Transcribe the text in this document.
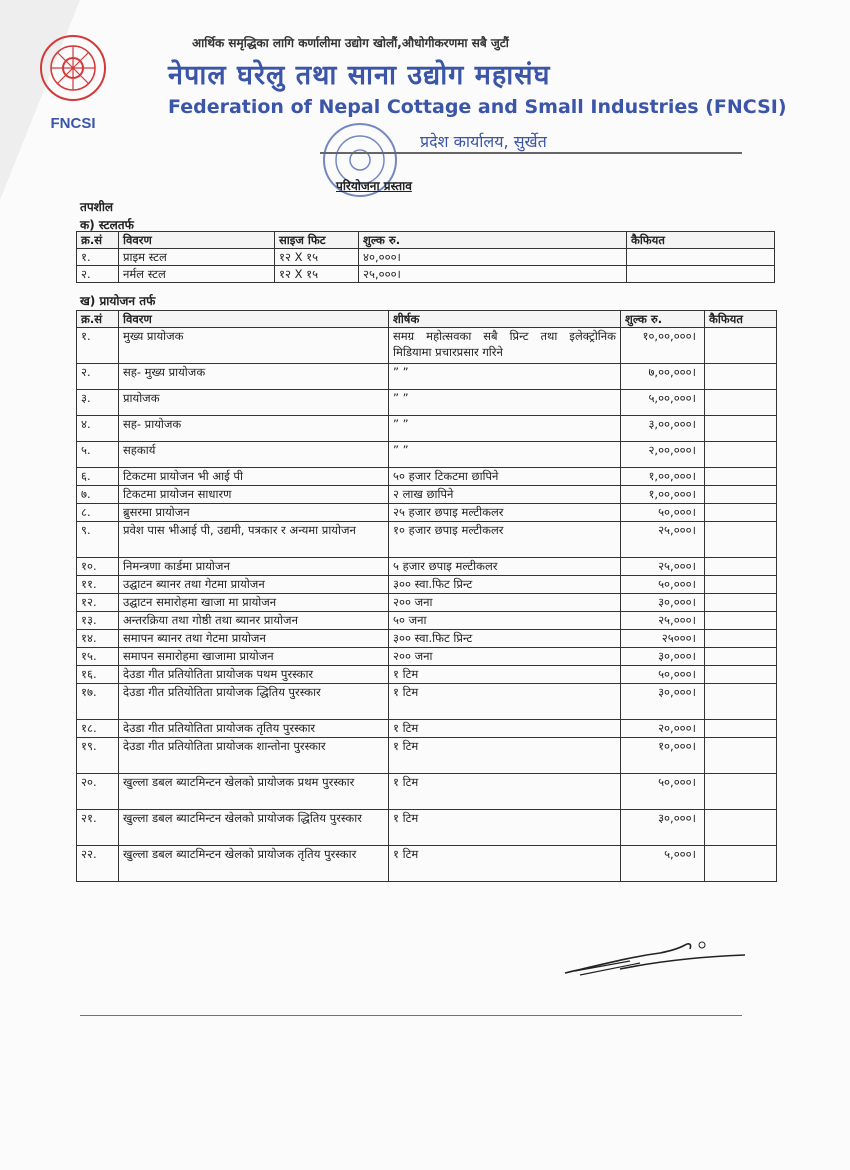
FNCSI
आर्थिक समृद्धिका लागि कर्णालीमा उद्योग खोलौं,औधोगीकरणमा सबै जुटौं
नेपाल घरेलु तथा साना उद्योग महासंघ
Federation of Nepal Cottage and Small Industries (FNCSI)
प्रदेश कार्यालय, सुर्खेत
परियोजना प्रस्ताव
तपशील
क) स्टलतर्फ
क्र.सं	विवरण	साइज फिट	शुल्क रु.	कैफियत
१.	प्राइम स्टल	१२ X १५	४०,०००।	
२.	नर्मल स्टल	१२ X १५	२५,०००।	
ख) प्रायोजन तर्फ
क्र.सं	विवरण	शीर्षक	शुल्क रु.	कैफियत
१.	मुख्य प्रायोजक	समग्र महोत्सवका सबै प्रिन्ट तथा इलेक्ट्रोनिक मिडियामा प्रचारप्रसार गरिने	१०,००,०००।	
२.	सह- मुख्य प्रायोजक	” ”	७,००,०००।	
३.	प्रायोजक	” ”	५,००,०००।	
४.	सह- प्रायोजक	” ”	३,००,०००।	
५.	सहकार्य	” ”	२,००,०००।	
६.	टिकटमा प्रायोजन भी आई पी	५० हजार टिकटमा छापिने	१,००,०००।	
७.	टिकटमा प्रायोजन साधारण	२ लाख छापिने	१,००,०००।	
८.	ब्रुसरमा प्रायोजन	२५ हजार छपाइ मल्टीकलर	५०,०००।	
९.	प्रवेश पास भीआई पी, उद्यमी, पत्रकार र अन्यमा प्रायोजन	१० हजार छपाइ मल्टीकलर	२५,०००।	
१०.	निमन्त्रणा कार्डमा प्रायोजन	५ हजार छपाइ मल्टीकलर	२५,०००।	
११.	उद्घाटन ब्यानर तथा गेटमा प्रायोजन	३०० स्वा.फिट प्रिन्ट	५०,०००।	
१२.	उद्घाटन समारोहमा खाजा मा प्रायोजन	२०० जना	३०,०००।	
१३.	अन्तरक्रिया तथा गोष्ठी तथा ब्यानर प्रायोजन	५० जना	२५,०००।	
१४.	समापन ब्यानर तथा गेटमा प्रायोजन	३०० स्वा.फिट प्रिन्ट	२५०००।	
१५.	समापन समारोहमा खाजामा प्रायोजन	२०० जना	३०,०००।	
१६.	देउडा गीत प्रतियोतिता प्रायोजक पथम पुरस्कार	१ टिम	५०,०००।	
१७.	देउडा गीत प्रतियोतिता प्रायोजक द्धितिय पुरस्कार	१ टिम	३०,०००।	
१८.	देउडा गीत प्रतियोतिता प्रायोजक तृतिय पुरस्कार	१ टिम	२०,०००।	
१९.	देउडा गीत प्रतियोतिता प्रायोजक शान्तोना पुरस्कार	१ टिम	१०,०००।	
२०.	खुल्ला डबल ब्याटमिन्टन खेलको प्रायोजक प्रथम पुरस्कार	१ टिम	५०,०००।	
२१.	खुल्ला डबल ब्याटमिन्टन खेलको प्रायोजक द्धितिय पुरस्कार	१ टिम	३०,०००।	
२२.	खुल्ला डबल ब्याटमिन्टन खेलको प्रायोजक तृतिय पुरस्कार	१ टिम	५,०००।	
